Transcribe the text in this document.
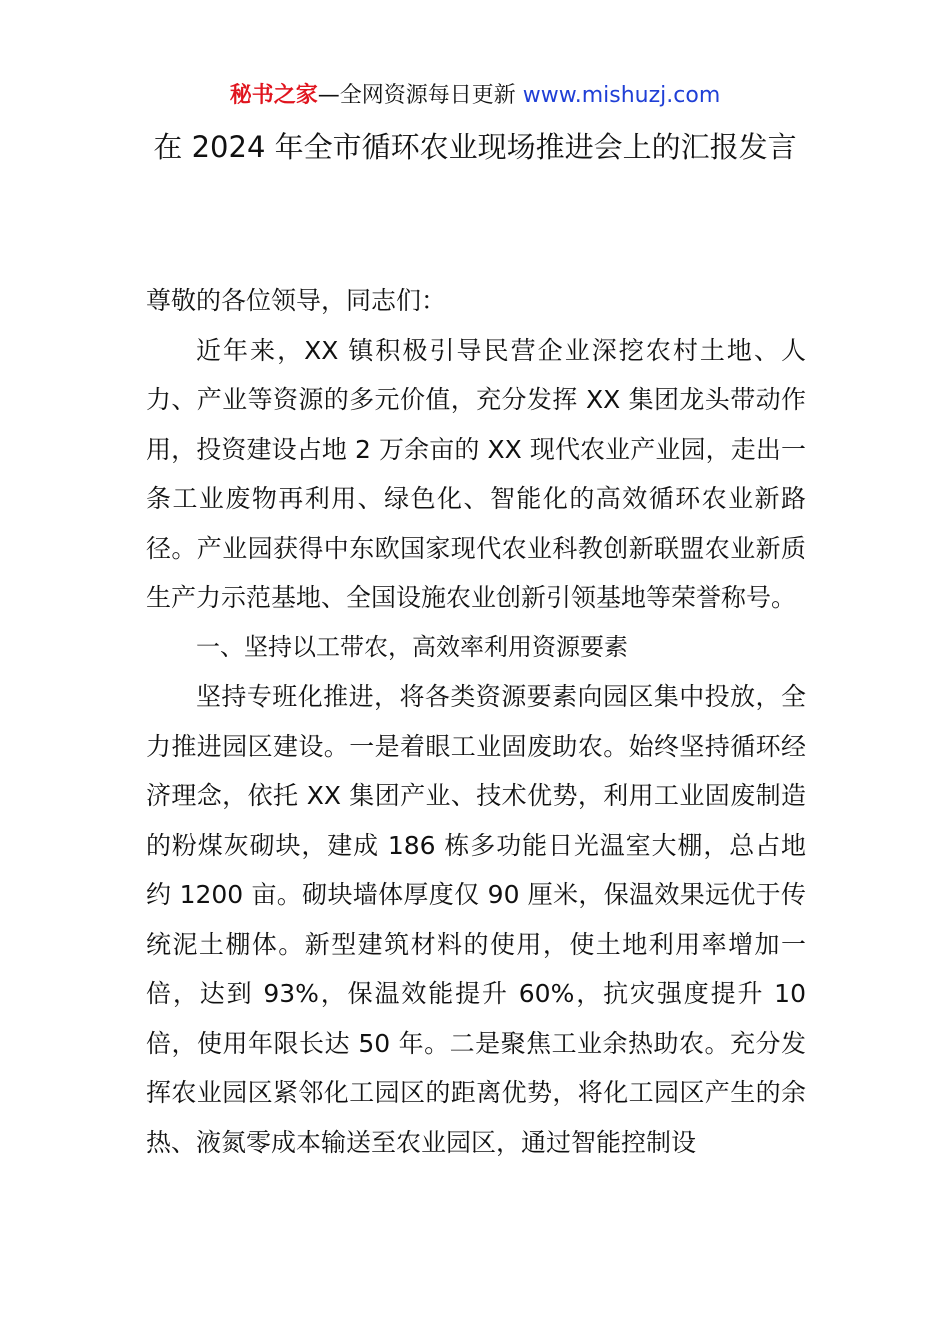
秘书之家—全网资源每日更新 www.mishuzj.com
在 2024 年全市循环农业现场推进会上的汇报发言

尊敬的各位领导，同志们：

近年来，XX 镇积极引导民营企业深挖农村土地、人力、产业等资源的多元价值，充分发挥 XX 集团龙头带动作用，投资建设占地 2 万余亩的 XX 现代农业产业园，走出一条工业废物再利用、绿色化、智能化的高效循环农业新路径。产业园获得中东欧国家现代农业科教创新联盟农业新质生产力示范基地、全国设施农业创新引领基地等荣誉称号。

一、坚持以工带农，高效率利用资源要素

坚持专班化推进，将各类资源要素向园区集中投放，全力推进园区建设。一是着眼工业固废助农。始终坚持循环经济理念，依托 XX 集团产业、技术优势，利用工业固废制造的粉煤灰砌块，建成 186 栋多功能日光温室大棚，总占地约 1200 亩。砌块墙体厚度仅 90 厘米，保温效果远优于传统泥土棚体。新型建筑材料的使用，使土地利用率增加一倍，达到 93%，保温效能提升 60%，抗灾强度提升 10 倍，使用年限长达 50 年。二是聚焦工业余热助农。充分发挥农业园区紧邻化工园区的距离优势，将化工园区产生的余热、液氮零成本输送至农业园区，通过智能控制设
